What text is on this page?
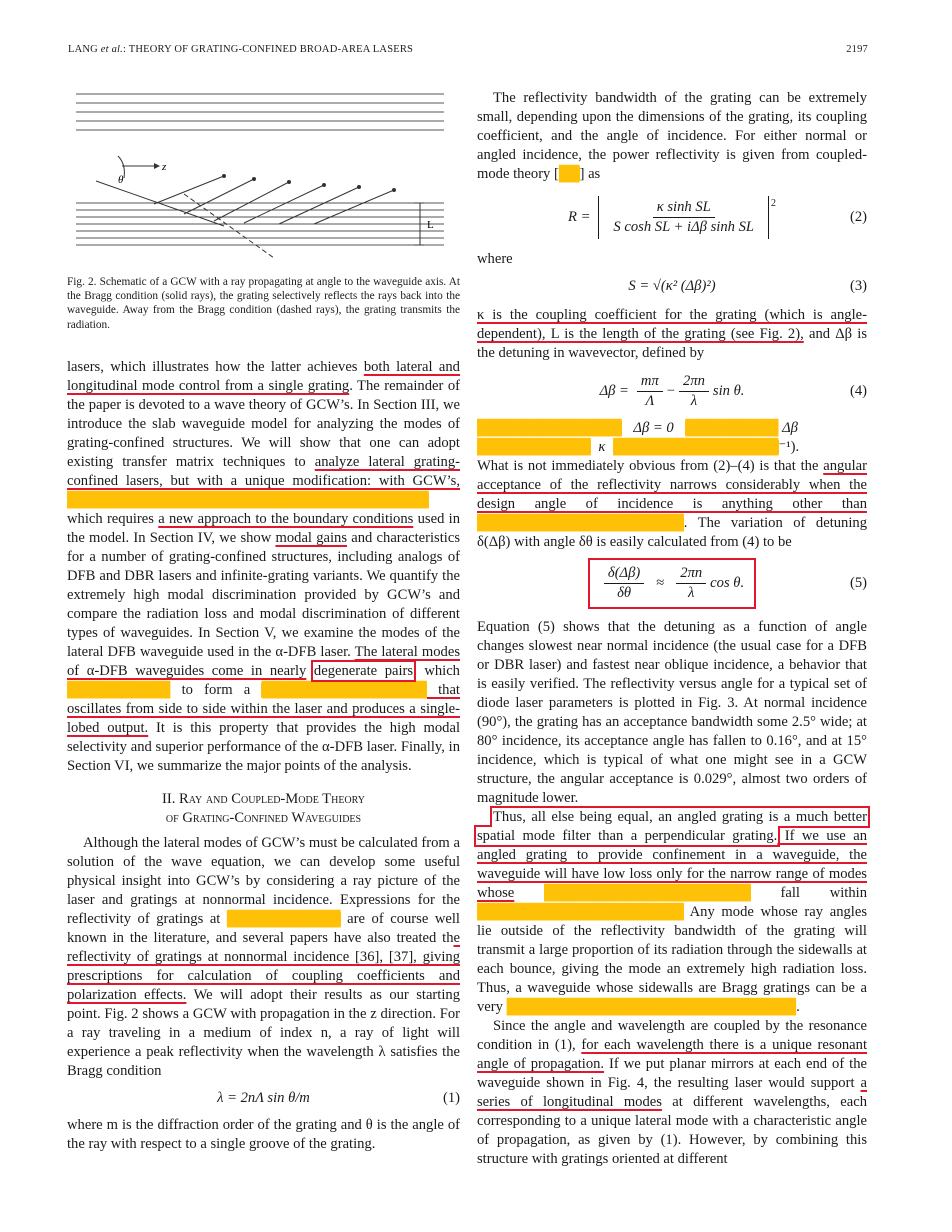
LANG et al.: THEORY OF GRATING-CONFINED BROAD-AREA LASERS	2197
z
θ
L
Fig. 2. Schematic of a GCW with a ray propagating at angle to the waveguide axis. At the Bragg condition (solid rays), the grating selectively reflects the rays back into the waveguide. Away from the Bragg condition (dashed rays), the grating transmits the radiation.

lasers, which illustrates how the latter achieves both lateral and longitudinal mode control from a single grating. The remainder of the paper is devoted to a wave theory of GCW’s. In Section III, we introduce the slab waveguide model for analyzing the modes of grating-confined structures. We will show that one can adopt existing transfer matrix techniques to analyze lateral grating-confined lasers, but with a unique modification: with GCW’s, ███████████████████████████████████ which requires a new approach to the boundary conditions used in the model. In Section IV, we show modal gains and characteristics for a number of grating-confined structures, including analogs of DFB and DBR lasers and infinite-grating variants. We quantify the extremely high modal discrimination provided by GCW’s and compare the radiation loss and modal discrimination of different types of waveguides. In Section V, we examine the modes of the lateral DFB waveguide used in the α-DFB laser. The lateral modes of α-DFB waveguides come in nearly degenerate pairs, which ██████████ to form a ████████████████ that oscillates from side to side within the laser and produces a single-lobed output. It is this property that provides the high modal selectivity and superior performance of the α-DFB laser. Finally, in Section VI, we summarize the major points of the analysis.

II. Ray and Coupled-Mode Theory
of Grating-Confined Waveguides

Although the lateral modes of GCW’s must be calculated from a solution of the wave equation, we can develop some useful physical insight into GCW’s by considering a ray picture of the laser and gratings at nonnormal incidence. Expressions for the reflectivity of gratings at ███████████ are of course well known in the literature, and several papers have also treated the reflectivity of gratings at nonnormal incidence [36], [37], giving prescriptions for calculation of coupling coefficients and polarization effects. We will adopt their results as our starting point. Fig. 2 shows a GCW with propagation in the z direction. For a ray traveling in a medium of index n, a ray of light will experience a peak reflectivity when the wavelength λ satisfies the Bragg condition

λ = 2nΛ sin θ/m	(1)

where m is the diffraction order of the grating and θ is the angle of the ray with respect to a single groove of the grating.

The reflectivity bandwidth of the grating can be extremely small, depending upon the dimensions of the grating, its coupling coefficient, and the angle of incidence. For either normal or angled incidence, the power reflectivity is given from coupled-mode theory [██] as

$R = \frac{\text{κ sinh SL}}{\text{S cosh SL + iΔβ sinh SL}} 2$
(2)

where

S = √(κ² (Δβ)²)	(3)

κ is the coupling coefficient for the grating (which is angle-dependent), L is the length of the grating (see Fig. 2), and Δβ is the detuning in wavevector, defined by

$\Delta\beta = \frac{m\pi}{\Lambda} - \frac{2\pi n}{\lambda}$ sin θ.	(4)

██████████████ Δβ = 0 █████████ Δβ

███████████ κ ████████████████⁻¹).

What is not immediately obvious from (2)–(4) is that the angular acceptance of the reflectivity narrows considerably when the design angle of incidence is anything other than ████████████████████. The variation of detuning δ(Δβ) with angle δθ is easily calculated from (4) to be

$\frac{\delta(\Delta\beta)}{\delta\theta} \approx \frac{2\pi n}{\lambda}$ cos θ.	(5)

Equation (5) shows that the detuning as a function of angle changes slowest near normal incidence (the usual case for a DFB or DBR laser) and fastest near oblique incidence, a behavior that is easily verified. The reflectivity versus angle for a typical set of diode laser parameters is plotted in Fig. 3. At normal incidence (90°), the grating has an acceptance bandwidth some 2.5° wide; at 80° incidence, its acceptance angle has fallen to 0.16°, and at 15° incidence, which is typical of what one might see in a GCW structure, the angular acceptance is 0.029°, almost two orders of magnitude lower.

Thus, all else being equal, an angled grating is a much better spatial mode filter than a perpendicular grating. If we use an angled grating to provide confinement in a waveguide, the waveguide will have low loss only for the narrow range of modes whose ████████████████████ fall within ████████████████████ Any mode whose ray angles lie outside of the reflectivity bandwidth of the grating will transmit a large proportion of its radiation through the sidewalls at each bounce, giving the mode an extremely high radiation loss. Thus, a waveguide whose sidewalls are Bragg gratings can be a very ████████████████████████████.

Since the angle and wavelength are coupled by the resonance condition in (1), for each wavelength there is a unique resonant angle of propagation. If we put planar mirrors at each end of the waveguide shown in Fig. 4, the resulting laser would support a series of longitudinal modes at different wavelengths, each corresponding to a unique lateral mode with a characteristic angle of propagation, as given by (1). However, by combining this structure with gratings oriented at different
